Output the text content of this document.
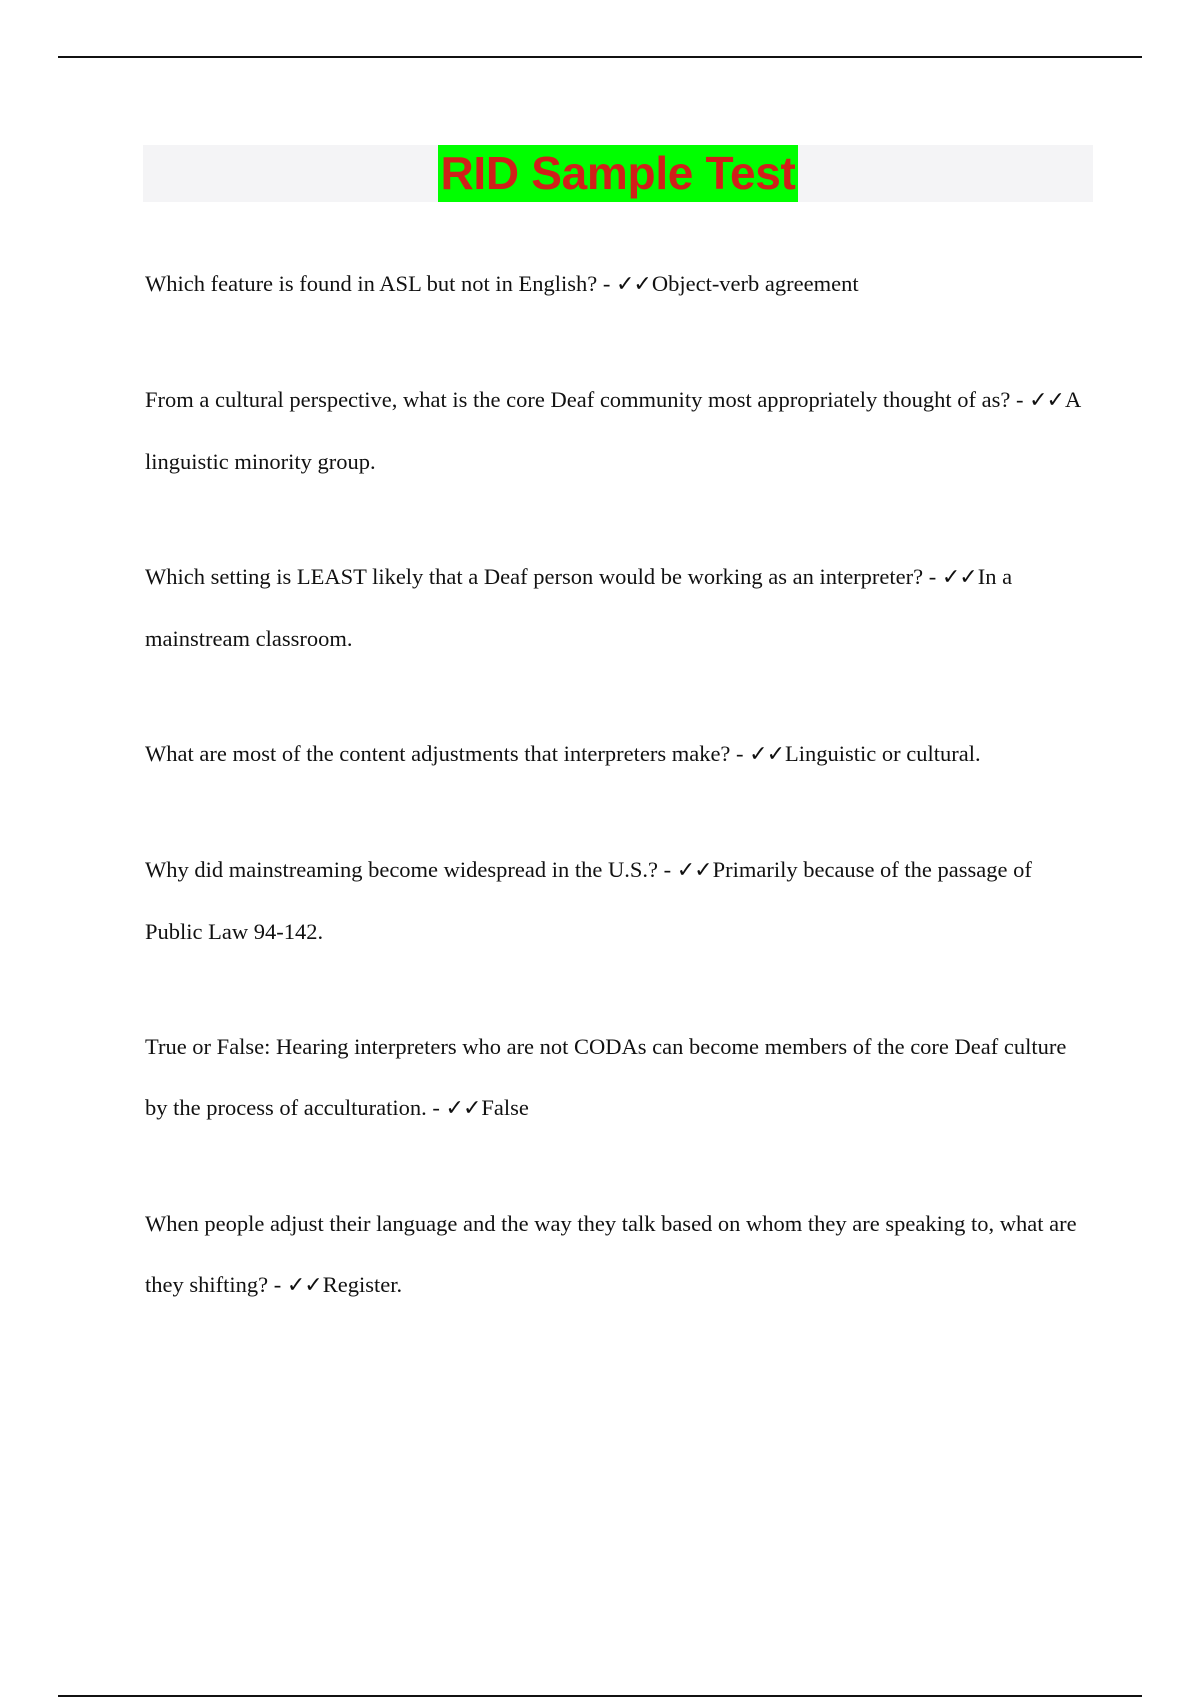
RID Sample Test

Which feature is found in ASL but not in English? - ✓✓Object-verb agreement

From a cultural perspective, what is the core Deaf community most appropriately thought of as? - ✓✓A linguistic minority group.

Which setting is LEAST likely that a Deaf person would be working as an interpreter? - ✓✓In a mainstream classroom.

What are most of the content adjustments that interpreters make? - ✓✓Linguistic or cultural.

Why did mainstreaming become widespread in the U.S.? - ✓✓Primarily because of the passage of Public Law 94-142.

True or False: Hearing interpreters who are not CODAs can become members of the core Deaf culture by the process of acculturation. - ✓✓False

When people adjust their language and the way they talk based on whom they are speaking to, what are they shifting? - ✓✓Register.
